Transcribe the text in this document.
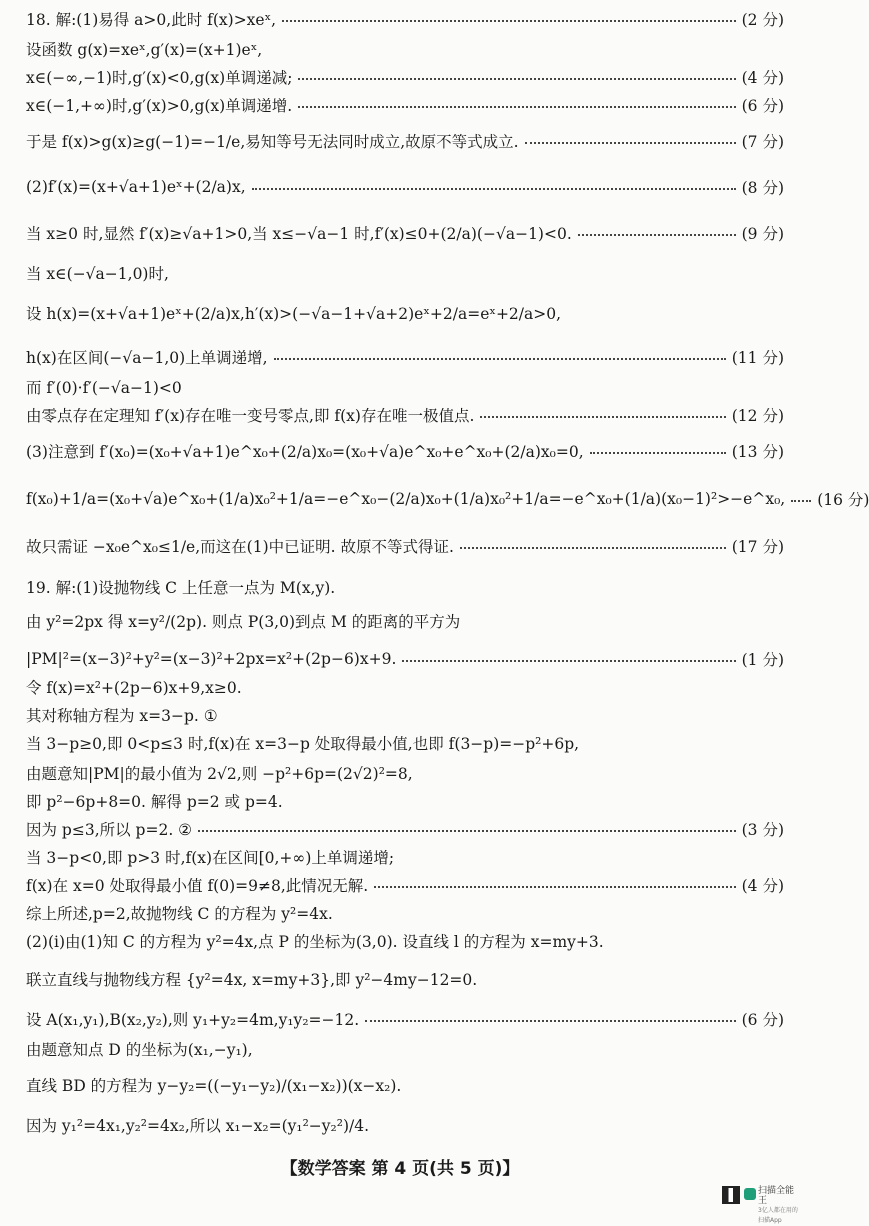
18. 解:(1)易得 a>0,此时 f(x)>xeˣ,	(2 分)
设函数 g(x)=xeˣ,g′(x)=(x+1)eˣ,
x∈(−∞,−1)时,g′(x)<0,g(x)单调递减;	(4 分)
x∈(−1,+∞)时,g′(x)>0,g(x)单调递增.	(6 分)
于是 f(x)>g(x)≥g(−1)=−1/e,易知等号无法同时成立,故原不等式成立.	(7 分)
(2)f′(x)=(x+√a+1)eˣ+(2/a)x,	(8 分)
当 x≥0 时,显然 f′(x)≥√a+1>0,当 x≤−√a−1 时,f′(x)≤0+(2/a)(−√a−1)<0.	(9 分)
当 x∈(−√a−1,0)时,
设 h(x)=(x+√a+1)eˣ+(2/a)x,h′(x)>(−√a−1+√a+2)eˣ+2/a=eˣ+2/a>0,
h(x)在区间(−√a−1,0)上单调递增,	(11 分)
而 f′(0)·f′(−√a−1)<0
由零点存在定理知 f′(x)存在唯一变号零点,即 f(x)存在唯一极值点.	(12 分)
(3)注意到 f′(x₀)=(x₀+√a+1)e^x₀+(2/a)x₀=(x₀+√a)e^x₀+e^x₀+(2/a)x₀=0,	(13 分)
f(x₀)+1/a=(x₀+√a)e^x₀+(1/a)x₀²+1/a=−e^x₀−(2/a)x₀+(1/a)x₀²+1/a=−e^x₀+(1/a)(x₀−1)²>−e^x₀, (16 分)
故只需证 −x₀e^x₀≤1/e,而这在(1)中已证明. 故原不等式得证.	(17 分)
19. 解:(1)设抛物线 C 上任意一点为 M(x,y).
由 y²=2px 得 x=y²/(2p). 则点 P(3,0)到点 M 的距离的平方为
|PM|²=(x−3)²+y²=(x−3)²+2px=x²+(2p−6)x+9.	(1 分)
令 f(x)=x²+(2p−6)x+9,x≥0.
其对称轴方程为 x=3−p. ①
当 3−p≥0,即 0<p≤3 时,f(x)在 x=3−p 处取得最小值,也即 f(3−p)=−p²+6p,
由题意知|PM|的最小值为 2√2,则 −p²+6p=(2√2)²=8,
即 p²−6p+8=0. 解得 p=2 或 p=4.
因为 p≤3,所以 p=2. ②	(3 分)
当 3−p<0,即 p>3 时,f(x)在区间[0,+∞)上单调递增;
f(x)在 x=0 处取得最小值 f(0)=9≠8,此情况无解.	(4 分)
综上所述,p=2,故抛物线 C 的方程为 y²=4x.
(2)(ⅰ)由(1)知 C 的方程为 y²=4x,点 P 的坐标为(3,0). 设直线 l 的方程为 x=my+3.
联立直线与抛物线方程 {y²=4x, x=my+3},即 y²−4my−12=0.
设 A(x₁,y₁),B(x₂,y₂),则 y₁+y₂=4m,y₁y₂=−12.	(6 分)
由题意知点 D 的坐标为(x₁,−y₁),
直线 BD 的方程为 y−y₂=((−y₁−y₂)/(x₁−x₂))(x−x₂).
因为 y₁²=4x₁,y₂²=4x₂,所以 x₁−x₂=(y₁²−y₂²)/4.
【数学答案 第 4 页(共 5 页)】
扫描全能王
3亿人都在用的扫描App
